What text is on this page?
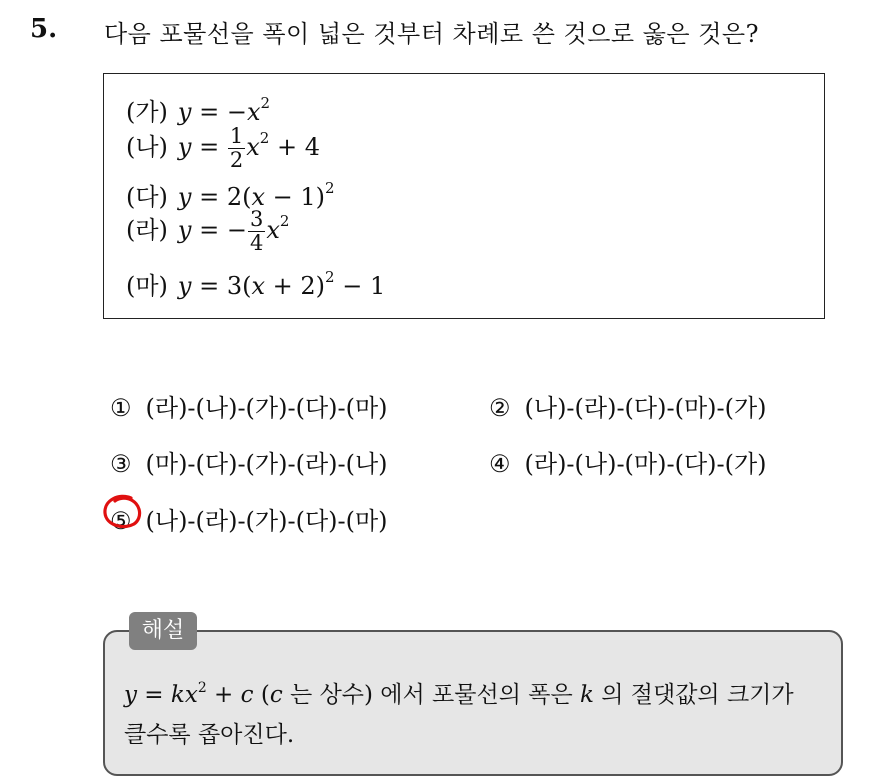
5. 다음 포물선을 폭이 넓은 것부터 차례로 쓴 것으로 옳은 것은?
(가) $y = -x^2$
(나) $y = \frac{1}{2} x^2 + 4$
(다) $y = 2(x - 1)^2$
(라) y = − $\frac{3}{4} x^2$
(마) $y = 3(x + 2)^2 - 1$
① (라)-(나)-(가)-(다)-(마)	② (나)-(라)-(다)-(마)-(가)
③ (마)-(다)-(가)-(라)-(나)	④ (라)-(나)-(마)-(다)-(가)
⑤ (나)-(라)-(가)-(다)-(마)
해설
$y = kx^2 + c$ (c 는 상수) 에서 포물선의 폭은 k 의 절댓값의 크기가
클수록 좁아진다.
